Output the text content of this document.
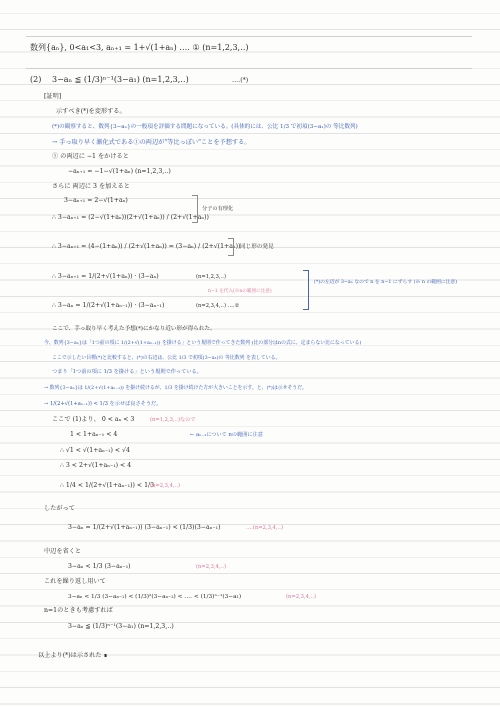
数列{aₙ}, 0<a₁<3, aₙ₊₁ = 1+√(1+aₙ) ‥‥ ① (n=1,2,3,‥)
(2) 3−aₙ ≦ (1/3)ⁿ⁻¹(3−a₁) (n=1,2,3,‥)	‥‥(*)
[証明]
示すべき(*)を変形する。
(*)の観察すると、数列{3−aₙ}の一般項を評価する問題になっている。(具体的には、公比 1/3 で初項(3−a₁)の 等比数列)
→ 手っ取り早く漸化式である①の両辺が"等比っぽい"ことを予想する。
① の両辺に −1 をかけると
−aₙ₊₁ = −1−√(1+aₙ) (n=1,2,3,‥)
さらに 両辺に 3 を加えると
3−aₙ₊₁ = 2−√(1+aₙ)
∴ 3−aₙ₊₁ = (2−√(1+aₙ))(2+√(1+aₙ)) / (2+√(1+aₙ))
分子の有理化
∴ 3−aₙ₊₁ = (4−(1+aₙ)) / (2+√(1+aₙ)) = (3−aₙ) / (2+√(1+aₙ)) 同じ形の発見
∴ 3−aₙ₊₁ = 1/(2+√(1+aₙ)) · (3−aₙ)	(n=1,2,3,‥)
n−1 を代入(※nの範囲に注意)
∴ 3−aₙ = 1/(2+√(1+aₙ₋₁)) · (3−aₙ₋₁)	(n=2,3,4,‥) ‥‥②
(*)の左辺が 3−aₙ なので n を n−1 にずらす (※ n の範囲に注意)
ここで、手っ取り早く考えた予想(*)にかなり近い形が得られた。
今、数列{3−aₙ}は「1つ前の項に 1/(2+√(1+aₙ₋₁)) を掛ける」という規則で作ってきた数列 (比の部分はnの式に、定まらない比になっている)
ここで示したい目標(*)と比較すると、(*)の右辺は、公比 1/3 で初項(3−a₁)の 等比数列 を表している。
つまり「1つ前の項に 1/3 を掛ける」という規則で作っている。
→ 数列{3−aₙ}は 1/(2+√(1+aₙ₋₁)) を掛け続けるが、1/3 を掛け続けた方が大きいことを示す。と、(*)は示せそうだ。
→ 1/(2+√(1+aₙ₋₁)) < 1/3 を示せば良さそうだ。
ここで (1)より、 0 < aₙ < 3	(n=1,2,3,‥)なので
← aₙ₋₁について nの範囲に注意
1 < 1+aₙ₋₁ < 4
∴ √1 < √(1+aₙ₋₁) < √4
∴ 3 < 2+√(1+aₙ₋₁) < 4
∴ 1/4 < 1/(2+√(1+aₙ₋₁)) < 1/3
(n=2,3,4,‥)
したがって
3−aₙ = 1/(2+√(1+aₙ₋₁)) (3−aₙ₋₁) < (1/3)(3−aₙ₋₁)	‥‥(n=2,3,4,‥)
中辺を省くと
3−aₙ < 1/3 (3−aₙ₋₁)	(n=2,3,4,‥)
これを繰り返し用いて
3−aₙ < 1/3 (3−aₙ₋₁) < (1/3)²(3−aₙ₋₂) < ‥‥ < (1/3)ⁿ⁻¹(3−a₁)	(n=2,3,4,‥)
n=1のときも考慮すれば
3−aₙ ≦ (1/3)ⁿ⁻¹(3−a₁) (n=1,2,3,‥)
以上より(*)は示された ∎
